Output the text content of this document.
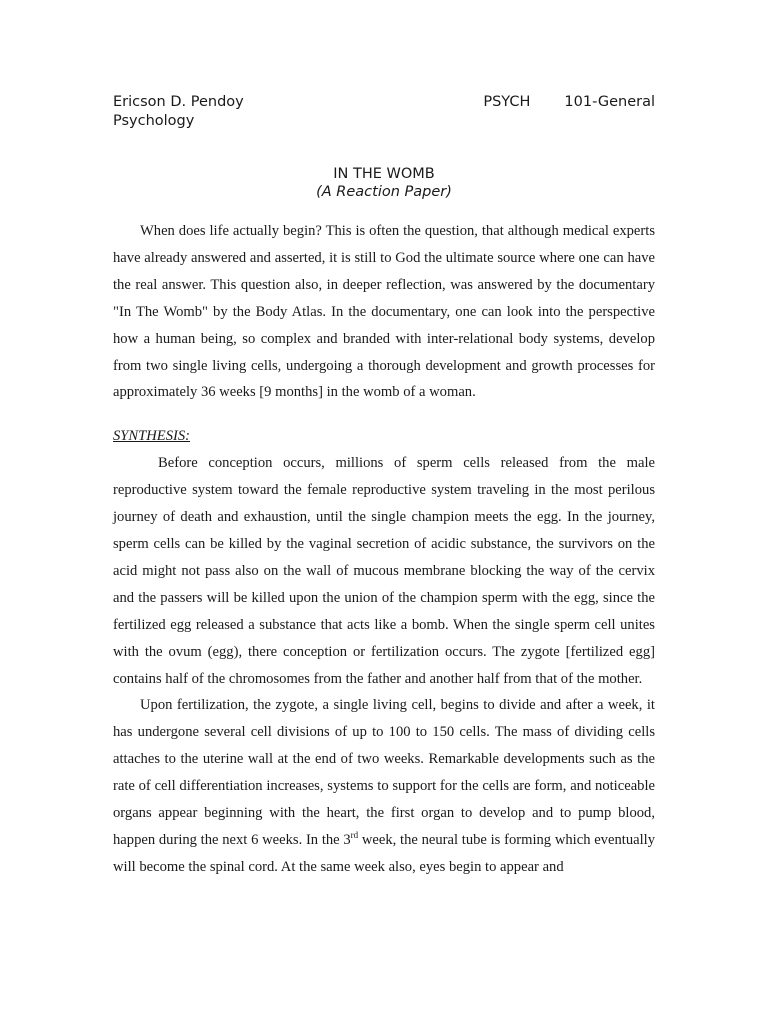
Ericson D. Pendoy	PSYCH 101-General
Psychology
IN THE WOMB
(A Reaction Paper)

When does life actually begin? This is often the question, that although medical experts have already answered and asserted, it is still to God the ultimate source where one can have the real answer. This question also, in deeper reflection, was answered by the documentary "In The Womb" by the Body Atlas. In the documentary, one can look into the perspective how a human being, so complex and branded with inter-relational body systems, develop from two single living cells, undergoing a thorough development and growth processes for approximately 36 weeks [9 months] in the womb of a woman.

SYNTHESIS:

Before conception occurs, millions of sperm cells released from the male reproductive system toward the female reproductive system traveling in the most perilous journey of death and exhaustion, until the single champion meets the egg. In the journey, sperm cells can be killed by the vaginal secretion of acidic substance, the survivors on the acid might not pass also on the wall of mucous membrane blocking the way of the cervix and the passers will be killed upon the union of the champion sperm with the egg, since the fertilized egg released a substance that acts like a bomb. When the single sperm cell unites with the ovum (egg), there conception or fertilization occurs. The zygote [fertilized egg] contains half of the chromosomes from the father and another half from that of the mother.

Upon fertilization, the zygote, a single living cell, begins to divide and after a week, it has undergone several cell divisions of up to 100 to 150 cells. The mass of dividing cells attaches to the uterine wall at the end of two weeks. Remarkable developments such as the rate of cell differentiation increases, systems to support for the cells are form, and noticeable organs appear beginning with the heart, the first organ to develop and to pump blood, happen during the next 6 weeks. In the 3rd week, the neural tube is forming which eventually will become the spinal cord. At the same week also, eyes begin to appear and
